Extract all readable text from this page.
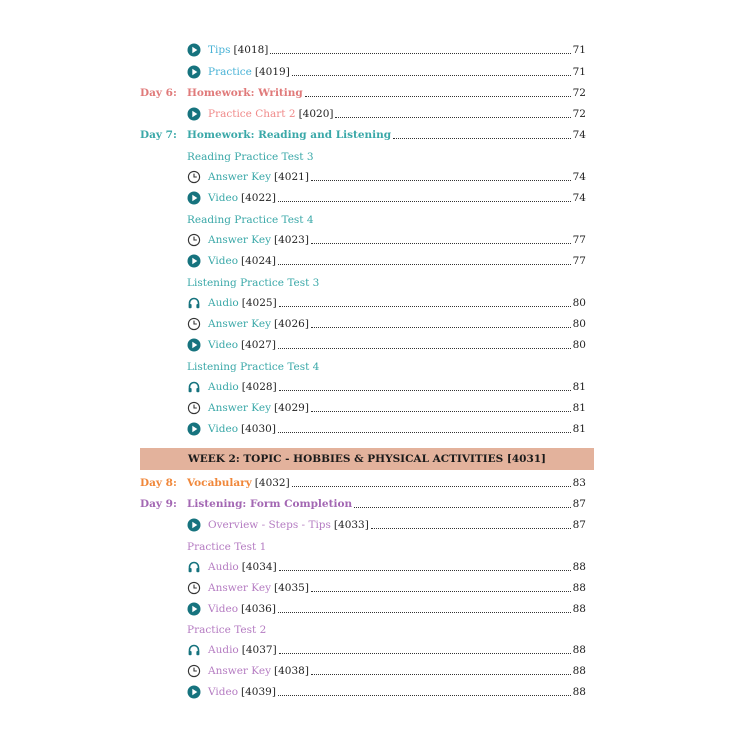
Tips [4018]	71
Practice [4019]	71
Day 6: Homework: Writing	72
Practice Chart 2 [4020]	72
Day 7: Homework: Reading and Listening	74
Reading Practice Test 3
Answer Key [4021]	74
Video [4022]	74
Reading Practice Test 4
Answer Key [4023]	77
Video [4024]	77
Listening Practice Test 3
Audio [4025]	80
Answer Key [4026]	80
Video [4027]	80
Listening Practice Test 4
Audio [4028]	81
Answer Key [4029]	81
Video [4030]	81
WEEK 2: TOPIC - HOBBIES & PHYSICAL ACTIVITIES [4031]
Day 8: Vocabulary [4032]	83
Day 9: Listening: Form Completion	87
Overview - Steps - Tips [4033]	87
Practice Test 1
Audio [4034]	88
Answer Key [4035]	88
Video [4036]	88
Practice Test 2
Audio [4037]	88
Answer Key [4038]	88
Video [4039]	88
